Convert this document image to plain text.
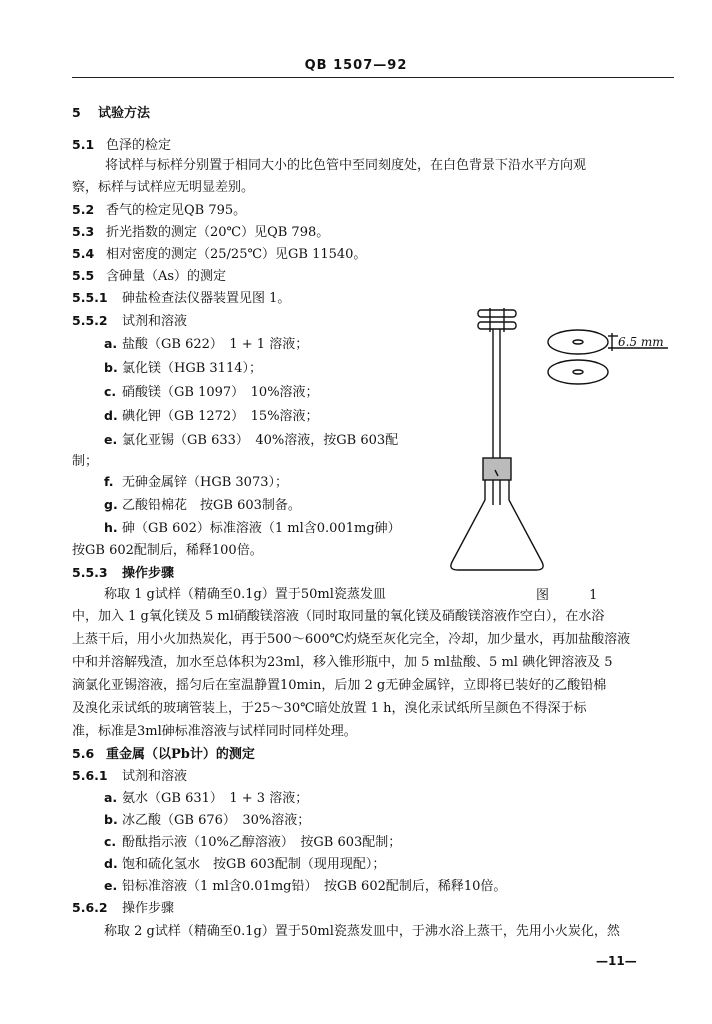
QB 1507—92
5 试验方法
5.1 色泽的检定
将试样与标样分别置于相同大小的比色管中至同刻度处，在白色背景下沿水平方向观
察，标样与试样应无明显差别。
5.2 香气的检定见QB 795。
5.3 折光指数的测定（20℃）见QB 798。
5.4 相对密度的测定（25/25℃）见GB 11540。
5.5 含砷量（As）的测定
5.5.1 砷盐检查法仪器装置见图 1。
5.5.2 试剂和溶液
a. 盐酸（GB 622）　1 + 1 溶液；
b. 氯化镁（HGB 3114）；
c. 硝酸镁（GB 1097）　10%溶液；
d. 碘化钾（GB 1272）　15%溶液；
e. 氯化亚锡（GB 633）　40%溶液，按GB 603配
制；
f. 无砷金属锌（HGB 3073）；
g. 乙酸铅棉花　按GB 603制备。
h. 砷（GB 602）标准溶液（1 ml含0.001mg砷）
按GB 602配制后，稀释100倍。
5.5.3 操作步骤
称取 1 g试样（精确至0.1g）置于50ml瓷蒸发皿
中，加入 1 g氧化镁及 5 ml硝酸镁溶液（同时取同量的氧化镁及硝酸镁溶液作空白），在水浴
上蒸干后，用小火加热炭化，再于500～600℃灼烧至灰化完全，冷却，加少量水，再加盐酸溶液
中和并溶解残渣，加水至总体积为23ml，移入锥形瓶中，加 5 ml盐酸、5 ml 碘化钾溶液及 5
滴氯化亚锡溶液，摇匀后在室温静置10min，后加 2 g无砷金属锌，立即将已装好的乙酸铅棉
及溴化汞试纸的玻璃管装上，于25～30℃暗处放置 1 h，溴化汞试纸所呈颜色不得深于标
准，标准是3ml砷标准溶液与试样同时同样处理。
5.6 重金属（以Pb计）的测定
5.6.1 试剂和溶液
a. 氨水（GB 631）　1 + 3 溶液；
b. 冰乙酸（GB 676）　30%溶液；
c. 酚酞指示液（10%乙醇溶液）　按GB 603配制；
d. 饱和硫化氢水　按GB 603配制（现用现配）；
e. 铅标准溶液（1 ml含0.01mg铅）　按GB 602配制后，稀释10倍。
5.6.2 操作步骤
称取 2 g试样（精确至0.1g）置于50ml瓷蒸发皿中，于沸水浴上蒸干，先用小火炭化，然
6.5 mm
图 1
—11—
